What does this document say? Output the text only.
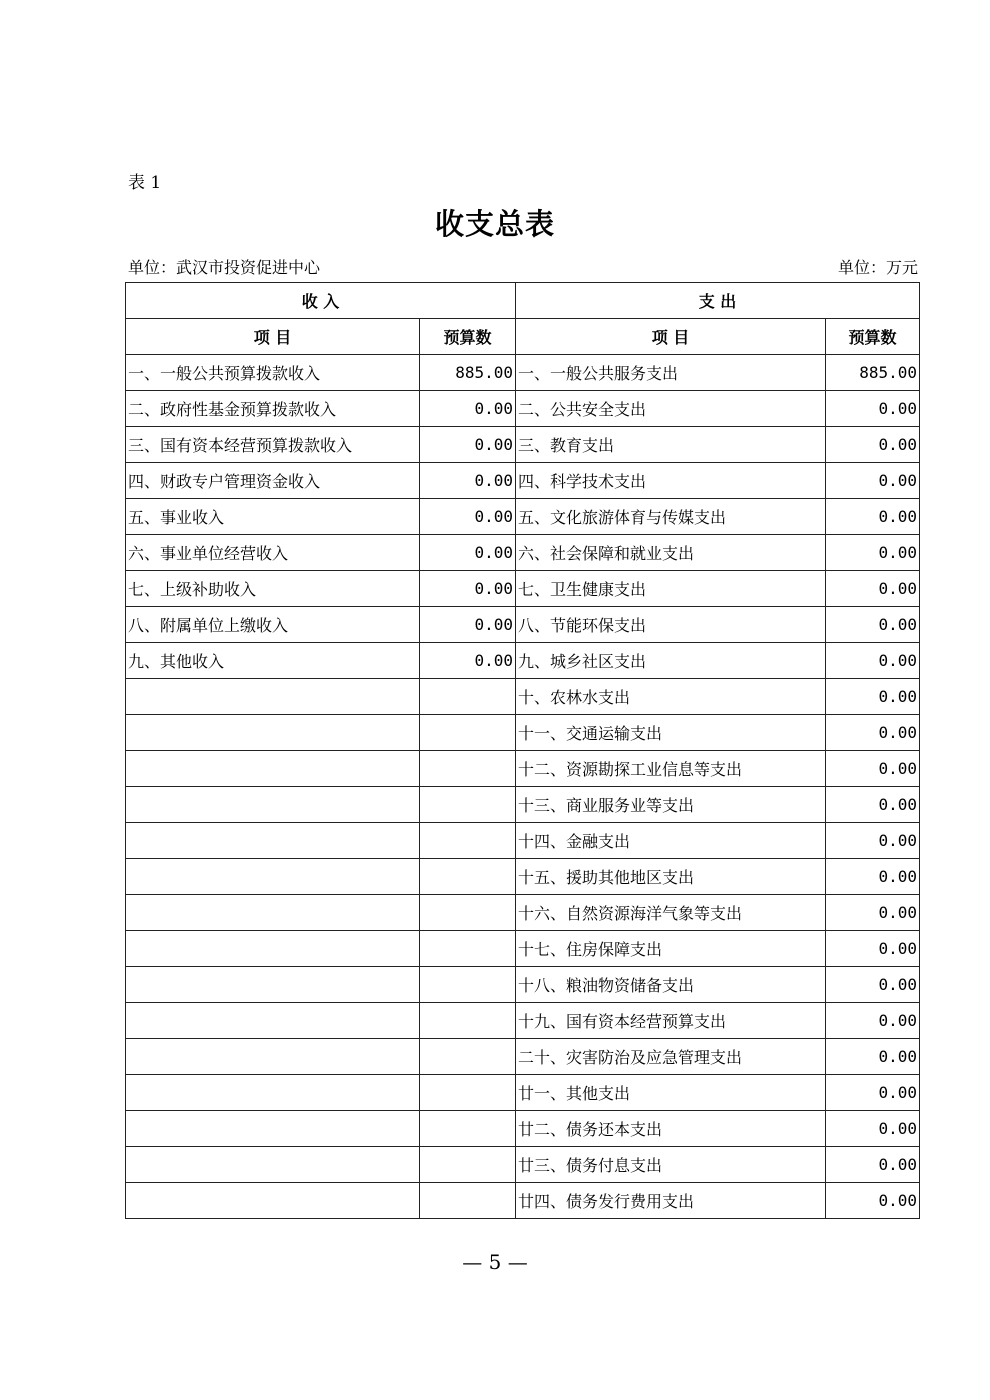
表 1
收支总表
单位：武汉市投资促进中心	单位：万元
收 入		支 出	
项 目	预算数	项 目	预算数
一、一般公共预算拨款收入	885.00	一、一般公共服务支出	885.00
二、政府性基金预算拨款收入	0.00	二、公共安全支出	0.00
三、国有资本经营预算拨款收入	0.00	三、教育支出	0.00
四、财政专户管理资金收入	0.00	四、科学技术支出	0.00
五、事业收入	0.00	五、文化旅游体育与传媒支出	0.00
六、事业单位经营收入	0.00	六、社会保障和就业支出	0.00
七、上级补助收入	0.00	七、卫生健康支出	0.00
八、附属单位上缴收入	0.00	八、节能环保支出	0.00
九、其他收入	0.00	九、城乡社区支出	0.00
		十、农林水支出	0.00
		十一、交通运输支出	0.00
		十二、资源勘探工业信息等支出	0.00
		十三、商业服务业等支出	0.00
		十四、金融支出	0.00
		十五、援助其他地区支出	0.00
		十六、自然资源海洋气象等支出	0.00
		十七、住房保障支出	0.00
		十八、粮油物资储备支出	0.00
		十九、国有资本经营预算支出	0.00
		二十、灾害防治及应急管理支出	0.00
		廿一、其他支出	0.00
		廿二、债务还本支出	0.00
		廿三、债务付息支出	0.00
		廿四、债务发行费用支出	0.00
— 5 —
